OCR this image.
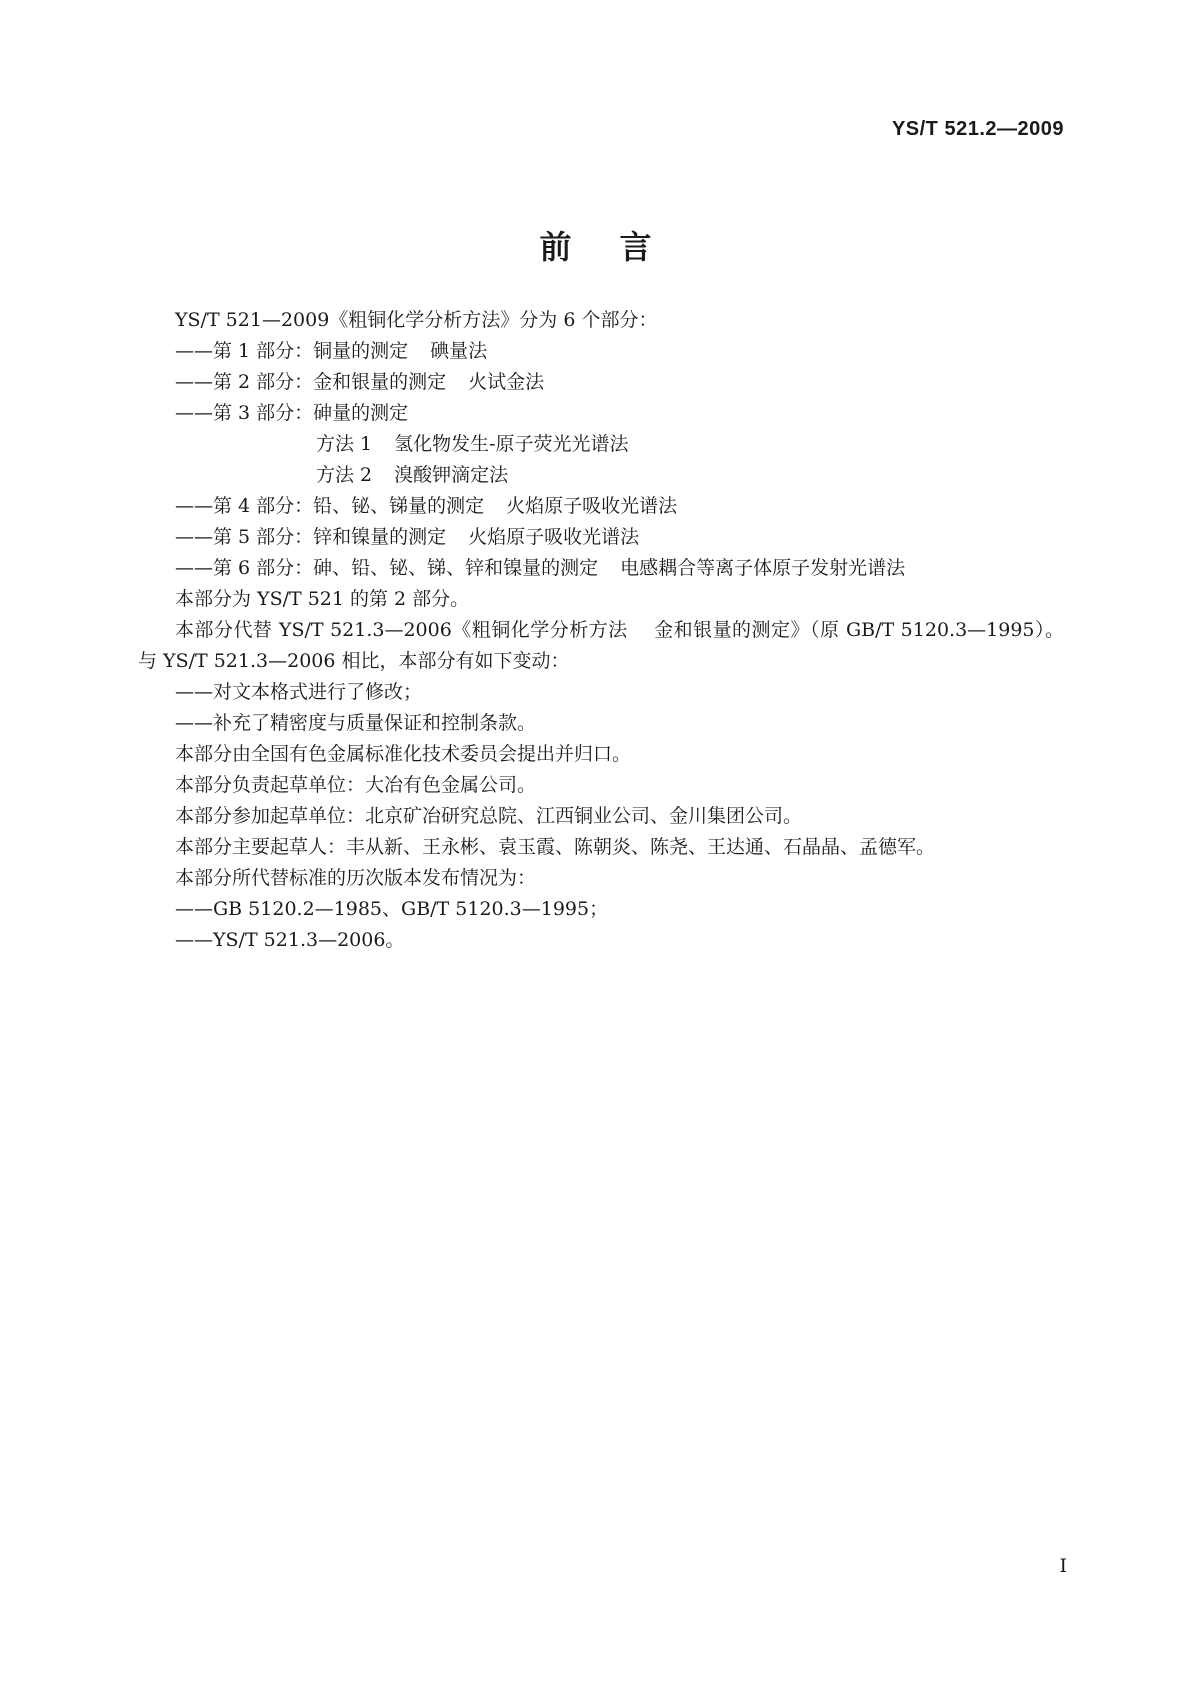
YS/T 521.2—2009
前言
YS/T 521—2009《粗铜化学分析方法》分为 6 个部分：
——第 1 部分：铜量的测定 碘量法
——第 2 部分：金和银量的测定 火试金法
——第 3 部分：砷量的测定
方法 1 氢化物发生-原子荧光光谱法
方法 2 溴酸钾滴定法
——第 4 部分：铅、铋、锑量的测定 火焰原子吸收光谱法
——第 5 部分：锌和镍量的测定 火焰原子吸收光谱法
——第 6 部分：砷、铅、铋、锑、锌和镍量的测定 电感耦合等离子体原子发射光谱法
本部分为 YS/T 521 的第 2 部分。
本部分代替 YS/T 521.3—2006《粗铜化学分析方法 金和银量的测定》（原 GB/T 5120.3—1995）。与 YS/T 521.3—2006 相比，本部分有如下变动：
——对文本格式进行了修改；
——补充了精密度与质量保证和控制条款。
本部分由全国有色金属标准化技术委员会提出并归口。
本部分负责起草单位：大冶有色金属公司。
本部分参加起草单位：北京矿冶研究总院、江西铜业公司、金川集团公司。
本部分主要起草人：丰从新、王永彬、袁玉霞、陈朝炎、陈尧、王达通、石晶晶、孟德军。
本部分所代替标准的历次版本发布情况为：
——GB 5120.2—1985、GB/T 5120.3—1995；
——YS/T 521.3—2006。
I
